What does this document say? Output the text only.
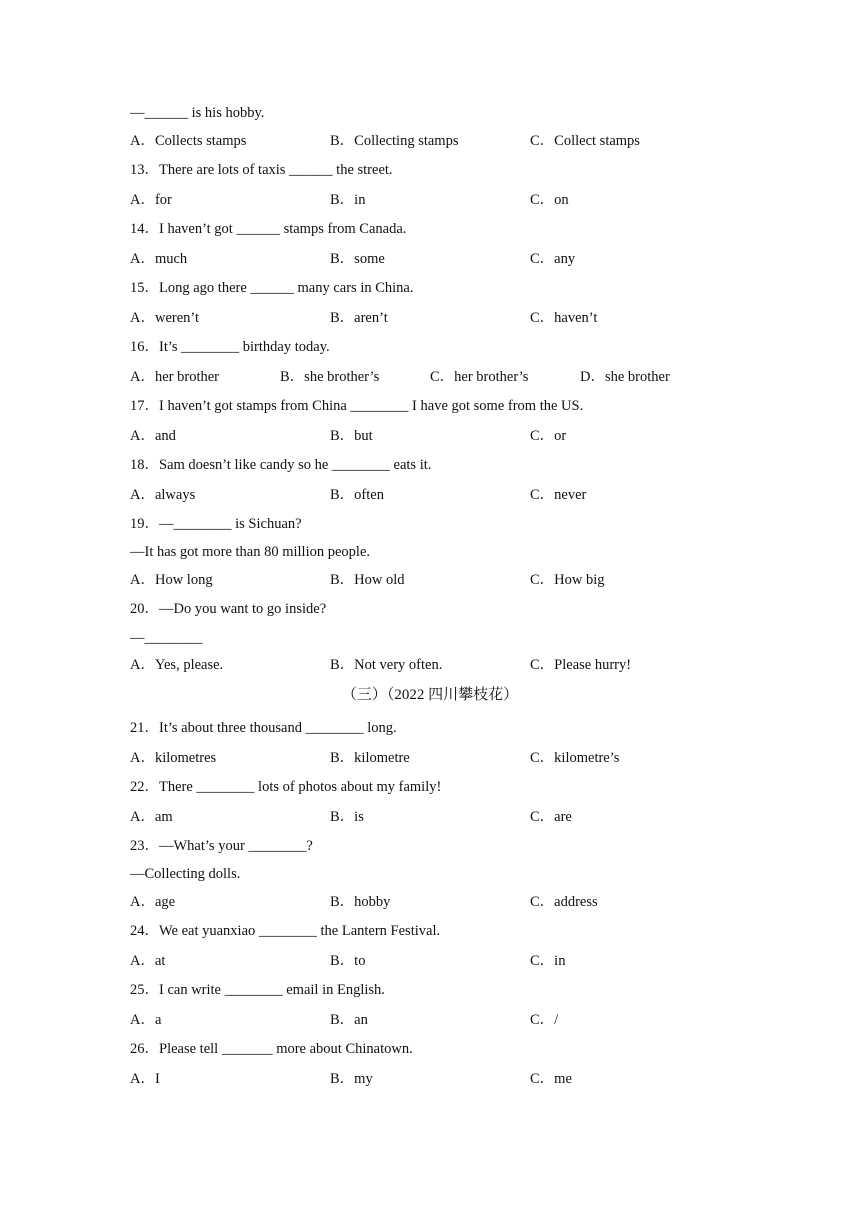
—______ is his hobby.
A．Collects stamps	B．Collecting stamps	C．Collect stamps
13．There are lots of taxis ______ the street.
A．for	B．in	C．on
14．I haven’t got ______ stamps from Canada.
A．much	B．some	C．any
15．Long ago there ______ many cars in China.
A．weren’t	B．aren’t	C．haven’t
16．It’s ________ birthday today.
A．her brother	B．she brother’s	C．her brother’s	D．she brother
17．I haven’t got stamps from China ________ I have got some from the US.
A．and	B．but	C．or
18．Sam doesn’t like candy so he ________ eats it.
A．always	B．often	C．never
19．—________ is Sichuan?
—It has got more than 80 million people.
A．How long	B．How old	C．How big
20．—Do you want to go inside?
—________
A．Yes, please.	B．Not very often.	C．Please hurry!
（三）（2022 四川攀枝花）
21．It’s about three thousand ________ long.
A．kilometres	B．kilometre	C．kilometre’s
22．There ________ lots of photos about my family!
A．am	B．is	C．are
23．—What’s your ________?
—Collecting dolls.
A．age	B．hobby	C．address
24．We eat yuanxiao ________ the Lantern Festival.
A．at	B．to	C．in
25．I can write ________ email in English.
A．a	B．an	C．/
26．Please tell _______ more about Chinatown.
A．I	B．my	C．me
